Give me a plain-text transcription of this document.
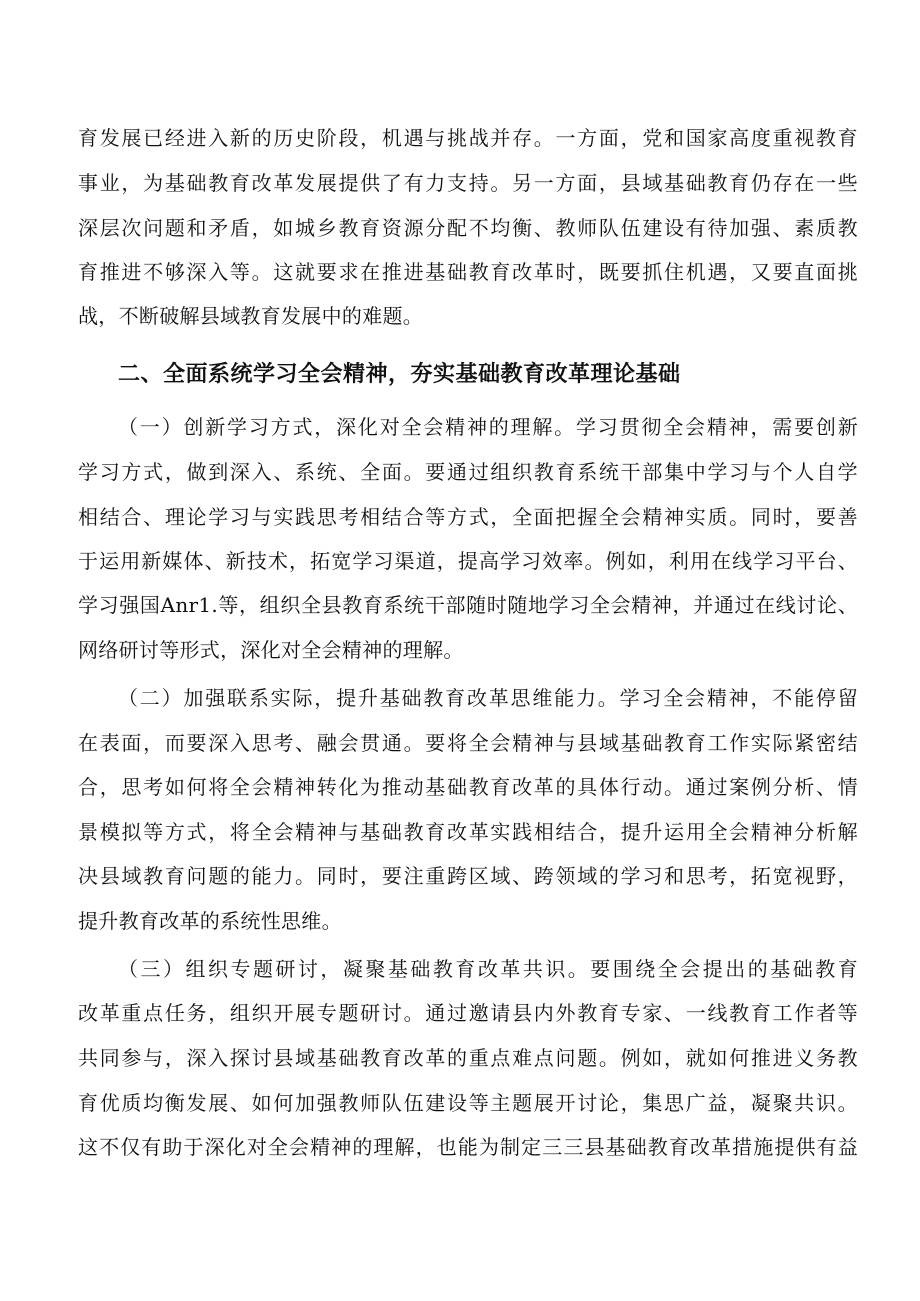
育发展已经进入新的历史阶段，机遇与挑战并存。一方面，党和国家高度重视教育

事业，为基础教育改革发展提供了有力支持。另一方面，县域基础教育仍存在一些

深层次问题和矛盾，如城乡教育资源分配不均衡、教师队伍建设有待加强、素质教

育推进不够深入等。这就要求在推进基础教育改革时，既要抓住机遇，又要直面挑

战，不断破解县域教育发展中的难题。

二、全面系统学习全会精神，夯实基础教育改革理论基础

（一）创新学习方式，深化对全会精神的理解。学习贯彻全会精神，需要创新

学习方式，做到深入、系统、全面。要通过组织教育系统干部集中学习与个人自学

相结合、理论学习与实践思考相结合等方式，全面把握全会精神实质。同时，要善

于运用新媒体、新技术，拓宽学习渠道，提高学习效率。例如，利用在线学习平台、

学习强国Anr1.等，组织全县教育系统干部随时随地学习全会精神，并通过在线讨论、

网络研讨等形式，深化对全会精神的理解。

（二）加强联系实际，提升基础教育改革思维能力。学习全会精神，不能停留

在表面，而要深入思考、融会贯通。要将全会精神与县域基础教育工作实际紧密结

合，思考如何将全会精神转化为推动基础教育改革的具体行动。通过案例分析、情

景模拟等方式，将全会精神与基础教育改革实践相结合，提升运用全会精神分析解

决县域教育问题的能力。同时，要注重跨区域、跨领域的学习和思考，拓宽视野，

提升教育改革的系统性思维。

（三）组织专题研讨，凝聚基础教育改革共识。要围绕全会提出的基础教育

改革重点任务，组织开展专题研讨。通过邀请县内外教育专家、一线教育工作者等

共同参与，深入探讨县域基础教育改革的重点难点问题。例如，就如何推进义务教

育优质均衡发展、如何加强教师队伍建设等主题展开讨论，集思广益，凝聚共识。

这不仅有助于深化对全会精神的理解，也能为制定三三县基础教育改革措施提供有益
